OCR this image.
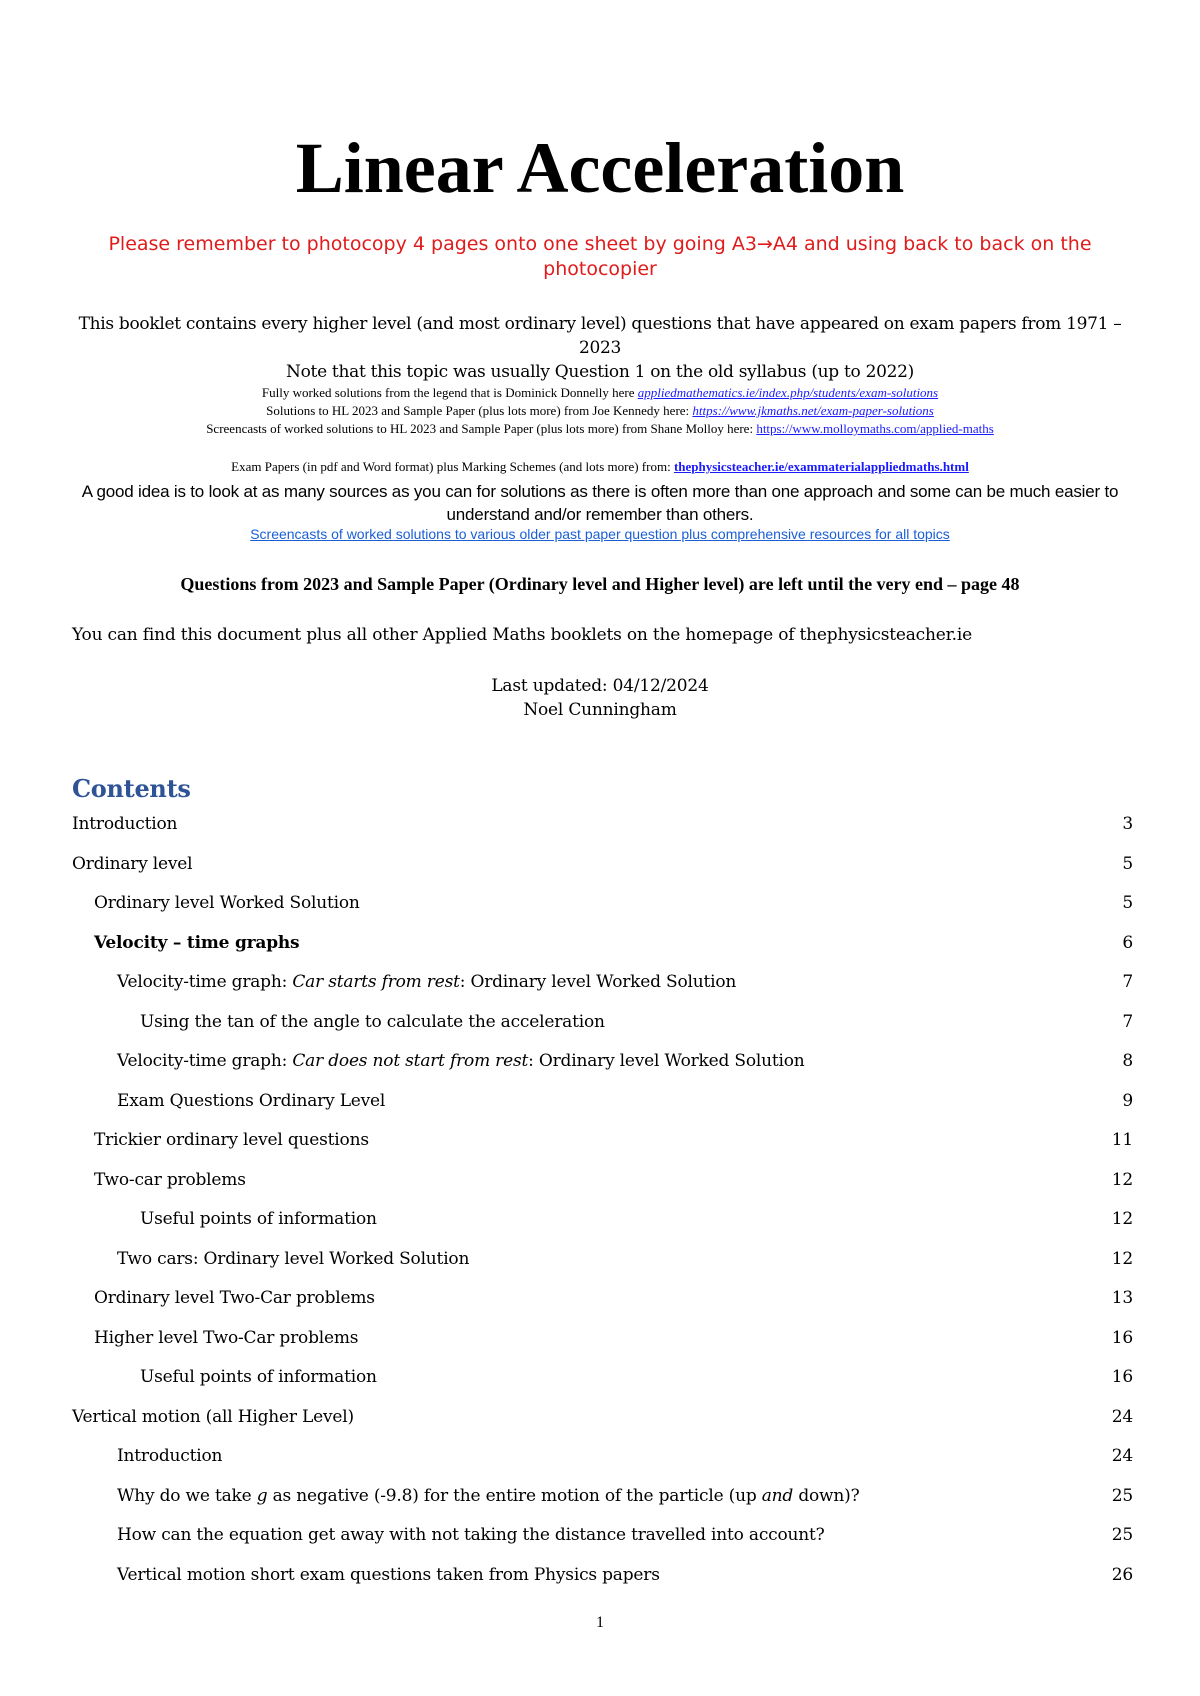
Linear Acceleration
Please remember to photocopy 4 pages onto one sheet by going A3→A4 and using back to back on the photocopier
This booklet contains every higher level (and most ordinary level) questions that have appeared on exam papers from 1971 – 2023
Note that this topic was usually Question 1 on the old syllabus (up to 2022)
Fully worked solutions from the legend that is Dominick Donnelly here appliedmathematics.ie/index.php/students/exam-solutions
Solutions to HL 2023 and Sample Paper (plus lots more) from Joe Kennedy here: https://www.jkmaths.net/exam-paper-solutions
Screencasts of worked solutions to HL 2023 and Sample Paper (plus lots more) from Shane Molloy here: https://www.molloymaths.com/applied-maths
Exam Papers (in pdf and Word format) plus Marking Schemes (and lots more) from: thephysicsteacher.ie/exammaterialappliedmaths.html
A good idea is to look at as many sources as you can for solutions as there is often more than one approach and some can be much easier to understand and/or remember than others.
Screencasts of worked solutions to various older past paper question plus comprehensive resources for all topics
Questions from 2023 and Sample Paper (Ordinary level and Higher level) are left until the very end – page 48
You can find this document plus all other Applied Maths booklets on the homepage of thephysicsteacher.ie
Last updated: 04/12/2024
Noel Cunningham
Contents
Introduction	3
Ordinary level	5
Ordinary level Worked Solution	5
Velocity – time graphs	6
Velocity-time graph: Car starts from rest: Ordinary level Worked Solution	7
Using the tan of the angle to calculate the acceleration	7
Velocity-time graph: Car does not start from rest: Ordinary level Worked Solution	8
Exam Questions Ordinary Level	9
Trickier ordinary level questions	11
Two-car problems	12
Useful points of information	12
Two cars: Ordinary level Worked Solution	12
Ordinary level Two-Car problems	13
Higher level Two-Car problems	16
Useful points of information	16
Vertical motion (all Higher Level)	24
Introduction	24
Why do we take g as negative (-9.8) for the entire motion of the particle (up and down)?	25
How can the equation get away with not taking the distance travelled into account?	25
Vertical motion short exam questions taken from Physics papers	26
1
